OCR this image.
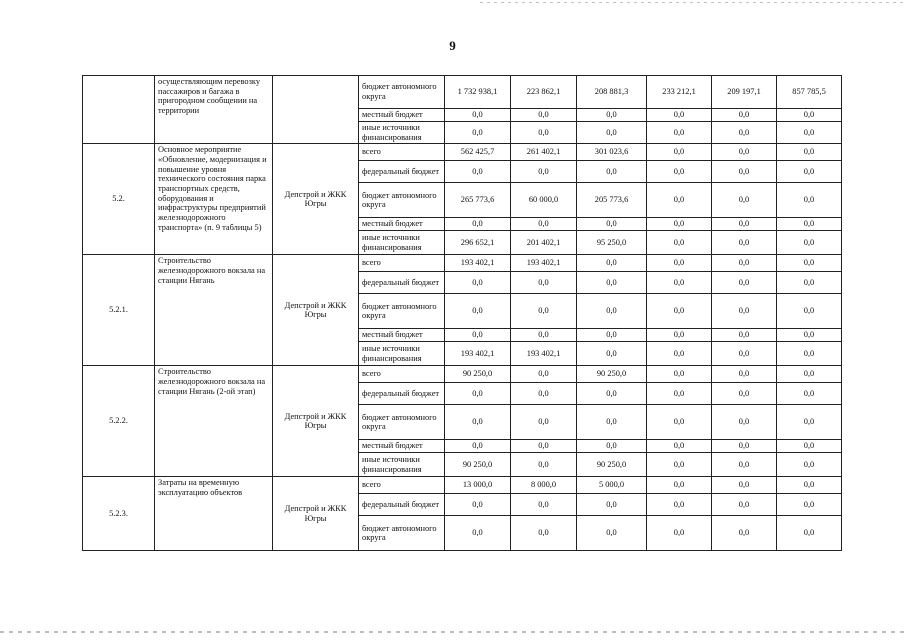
9
	осуществляющим перевозку пассажиров и багажа в пригородном сообщении на территории		бюджет автономного округа	1 732 938,1	223 862,1	208 881,3	233 212,1	209 197,1	857 785,5
			местный бюджет	0,0	0,0	0,0	0,0	0,0	0,0
			иные источники финансирования	0,0	0,0	0,0	0,0	0,0	0,0
5.2.	Основное мероприятие «Обновление, модернизация и повышение уровня технического состояния парка транспортных средств, оборудования и инфраструктуры предприятий железнодорожного транспорта» (п. 9 таблицы 5)	Депстрой и ЖКК Югры	всего	562 425,7	261 402,1	301 023,6	0,0	0,0	0,0
			федеральный бюджет	0,0	0,0	0,0	0,0	0,0	0,0
			бюджет автономного округа	265 773,6	60 000,0	205 773,6	0,0	0,0	0,0
			местный бюджет	0,0	0,0	0,0	0,0	0,0	0,0
			иные источники финансирования	296 652,1	201 402,1	95 250,0	0,0	0,0	0,0
5.2.1.	Строительство железнодорожного вокзала на станции Нягань	Депстрой и ЖКК Югры	всего	193 402,1	193 402,1	0,0	0,0	0,0	0,0
			федеральный бюджет	0,0	0,0	0,0	0,0	0,0	0,0
			бюджет автономного округа	0,0	0,0	0,0	0,0	0,0	0,0
			местный бюджет	0,0	0,0	0,0	0,0	0,0	0,0
			иные источники финансирования	193 402,1	193 402,1	0,0	0,0	0,0	0,0
5.2.2.	Строительство железнодорожного вокзала на станции Нягань (2-ой этап)	Депстрой и ЖКК Югры	всего	90 250,0	0,0	90 250,0	0,0	0,0	0,0
			федеральный бюджет	0,0	0,0	0,0	0,0	0,0	0,0
			бюджет автономного округа	0,0	0,0	0,0	0,0	0,0	0,0
			местный бюджет	0,0	0,0	0,0	0,0	0,0	0,0
			иные источники финансирования	90 250,0	0,0	90 250,0	0,0	0,0	0,0
5.2.3.	Затраты на временную эксплуатацию объектов	Депстрой и ЖКК Югры	всего	13 000,0	8 000,0	5 000,0	0,0	0,0	0,0
			федеральный бюджет	0,0	0,0	0,0	0,0	0,0	0,0
			бюджет автономного округа	0,0	0,0	0,0	0,0	0,0	0,0
